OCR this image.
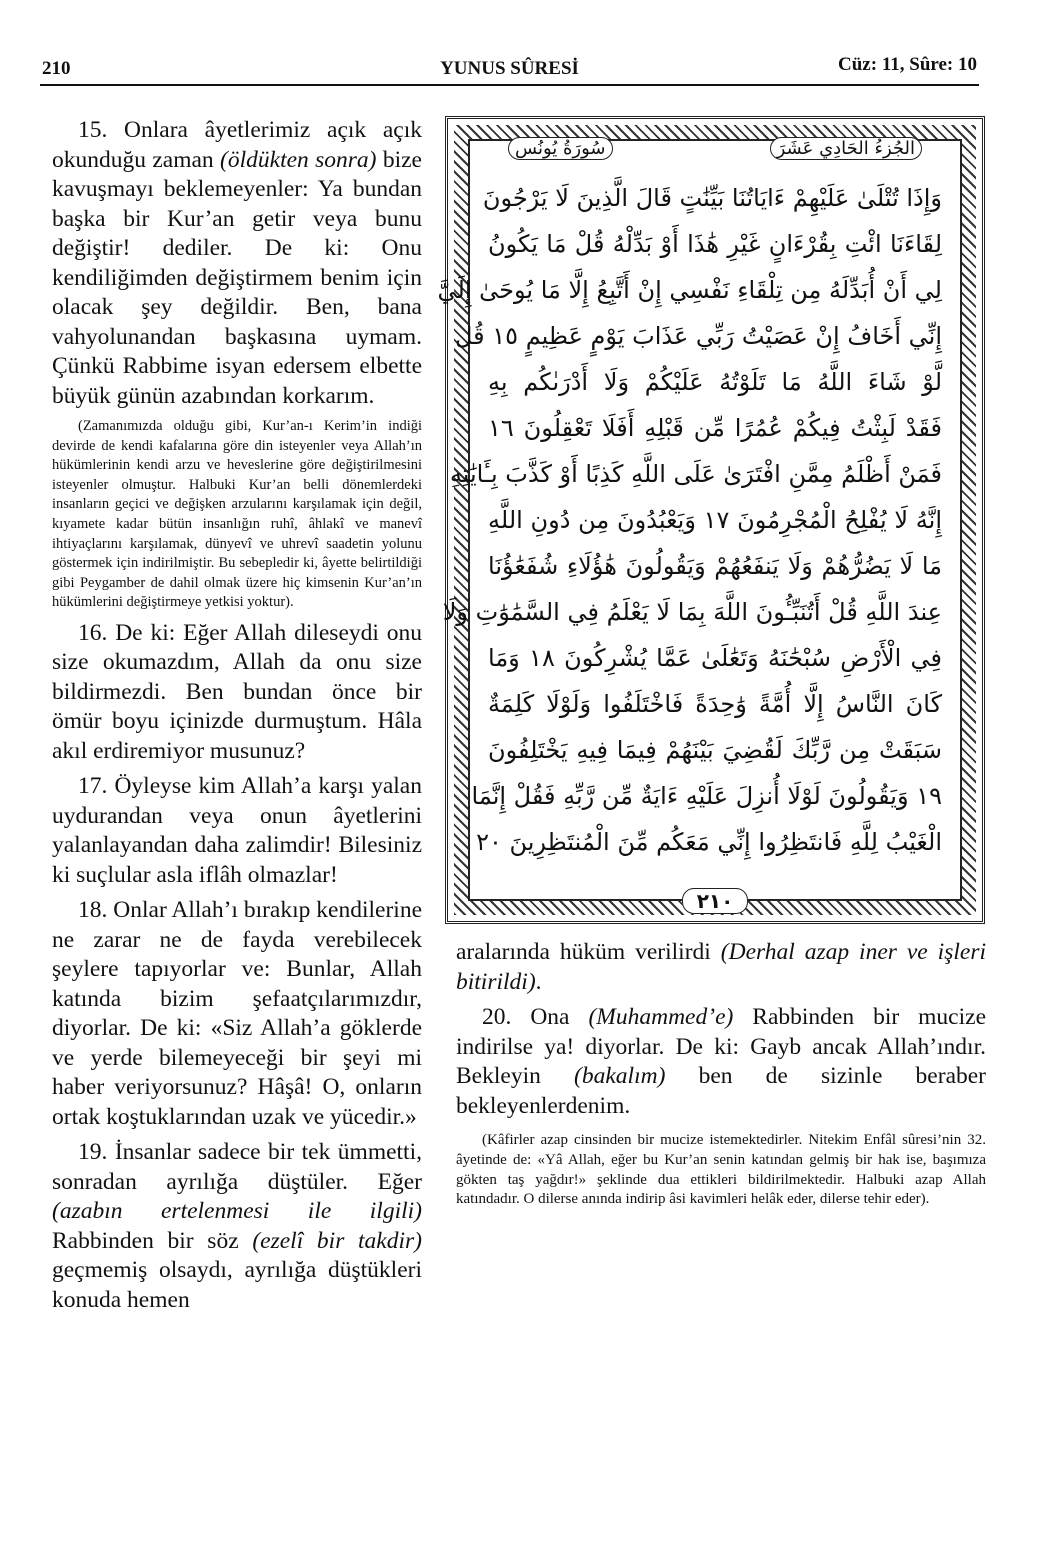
210	YUNUS SÛRESİ	Cüz: 11, Sûre: 10

15. Onlara âyetlerimiz açık açık okunduğu zaman (öldükten sonra) bize kavuşmayı beklemeyenler: Ya bundan başka bir Kur’an getir veya bunu değiştir! dediler. De ki: Onu kendiliğimden değiştirmem benim için olacak şey değildir. Ben, bana vahyolunandan başkasına uymam. Çünkü Rabbime isyan edersem elbette büyük günün azabından korkarım.

(Zamanımızda olduğu gibi, Kur’an-ı Kerim’in indiği devirde de kendi kafalarına göre din isteyenler veya Allah’ın hükümlerinin kendi arzu ve heveslerine göre değiştirilmesini isteyenler olmuştur. Halbuki Kur’an belli dönemlerdeki insanların geçici ve değişken arzularını karşılamak için değil, kıyamete kadar bütün insanlığın ruhî, âhlakî ve manevî ihtiyaçlarını karşılamak, dünyevî ve uhrevî saadetin yolunu göstermek için indirilmiştir. Bu sebepledir ki, âyette belirtildiği gibi Peygamber de dahil olmak üzere hiç kimsenin Kur’an’ın hükümlerini değiştirmeye yetkisi yoktur).

16. De ki: Eğer Allah dileseydi onu size okumazdım, Allah da onu size bildirmezdi. Ben bundan önce bir ömür boyu içinizde durmuştum. Hâla akıl erdiremiyor musunuz?

17. Öyleyse kim Allah’a karşı yalan uydurandan veya onun âyetlerini yalanlayandan daha zalimdir! Bilesiniz ki suçlular asla iflâh olmazlar!

18. Onlar Allah’ı bırakıp kendilerine ne zarar ne de fayda verebilecek şeylere tapıyorlar ve: Bunlar, Allah katında bizim şefaatçılarımızdır, diyorlar. De ki: «Siz Allah’a göklerde ve yerde bilemeyeceği bir şeyi mi haber veriyorsunuz? Hâşâ! O, onların ortak koştuklarından uzak ve yücedir.»

19. İnsanlar sadece bir tek ümmetti, sonradan ayrılığa düştüler. Eğer (azabın ertelenmesi ile ilgili) Rabbinden bir söz (ezelî bir takdir) geçmemiş olsaydı, ayrılığa düştükleri konuda hemen

الجُزءُ الحَادِي عَشَرَ
سُورَةُ يُونُس
وَإِذَا تُتْلَىٰ عَلَيْهِمْ ءَايَاتُنَا بَيِّنَٰتٍ قَالَ الَّذِينَ لَا يَرْجُونَ
لِقَاءَنَا ائْتِ بِقُرْءَانٍ غَيْرِ هَٰذَا أَوْ بَدِّلْهُ قُلْ مَا يَكُونُ
لِي أَنْ أُبَدِّلَهُ مِن تِلْقَاءِ نَفْسِي إِنْ أَتَّبِعُ إِلَّا مَا يُوحَىٰ إِلَيَّ
إِنِّي أَخَافُ إِنْ عَصَيْتُ رَبِّي عَذَابَ يَوْمٍ عَظِيمٍ ١٥ قُل
لَّوْ شَاءَ اللَّهُ مَا تَلَوْتُهُ عَلَيْكُمْ وَلَا أَدْرَىٰكُم بِهِ
فَقَدْ لَبِثْتُ فِيكُمْ عُمُرًا مِّن قَبْلِهِ أَفَلَا تَعْقِلُونَ ١٦
فَمَنْ أَظْلَمُ مِمَّنِ افْتَرَىٰ عَلَى اللَّهِ كَذِبًا أَوْ كَذَّبَ بِـَٔايَٰتِهِ
إِنَّهُ لَا يُفْلِحُ الْمُجْرِمُونَ ١٧ وَيَعْبُدُونَ مِن دُونِ اللَّهِ
مَا لَا يَضُرُّهُمْ وَلَا يَنفَعُهُمْ وَيَقُولُونَ هَٰؤُلَاءِ شُفَعَٰؤُنَا
عِندَ اللَّهِ قُلْ أَتُنَبِّـُٔونَ اللَّهَ بِمَا لَا يَعْلَمُ فِي السَّمَٰوَٰتِ وَلَا
فِي الْأَرْضِ سُبْحَٰنَهُ وَتَعَٰلَىٰ عَمَّا يُشْرِكُونَ ١٨ وَمَا
كَانَ النَّاسُ إِلَّا أُمَّةً وَٰحِدَةً فَاخْتَلَفُوا وَلَوْلَا كَلِمَةٌ
سَبَقَتْ مِن رَّبِّكَ لَقُضِيَ بَيْنَهُمْ فِيمَا فِيهِ يَخْتَلِفُونَ
١٩ وَيَقُولُونَ لَوْلَا أُنزِلَ عَلَيْهِ ءَايَةٌ مِّن رَّبِّهِ فَقُلْ إِنَّمَا
الْغَيْبُ لِلَّهِ فَانتَظِرُوا إِنِّي مَعَكُم مِّنَ الْمُنتَظِرِينَ ٢٠
٢١٠

aralarında hüküm verilirdi (Derhal azap iner ve işleri bitirildi).

20. Ona (Muhammed’e) Rabbinden bir mucize indirilse ya! diyorlar. De ki: Gayb ancak Allah’ındır. Bekleyin (bakalım) ben de sizinle beraber bekleyenlerdenim.

(Kâfirler azap cinsinden bir mucize istemektedirler. Nitekim Enfâl sûresi’nin 32. âyetinde de: «Yâ Allah, eğer bu Kur’an senin katından gelmiş bir hak ise, başımıza gökten taş yağdır!» şeklinde dua ettikleri bildirilmektedir. Halbuki azap Allah katındadır. O dilerse anında indirip âsi kavimleri helâk eder, dilerse tehir eder).
